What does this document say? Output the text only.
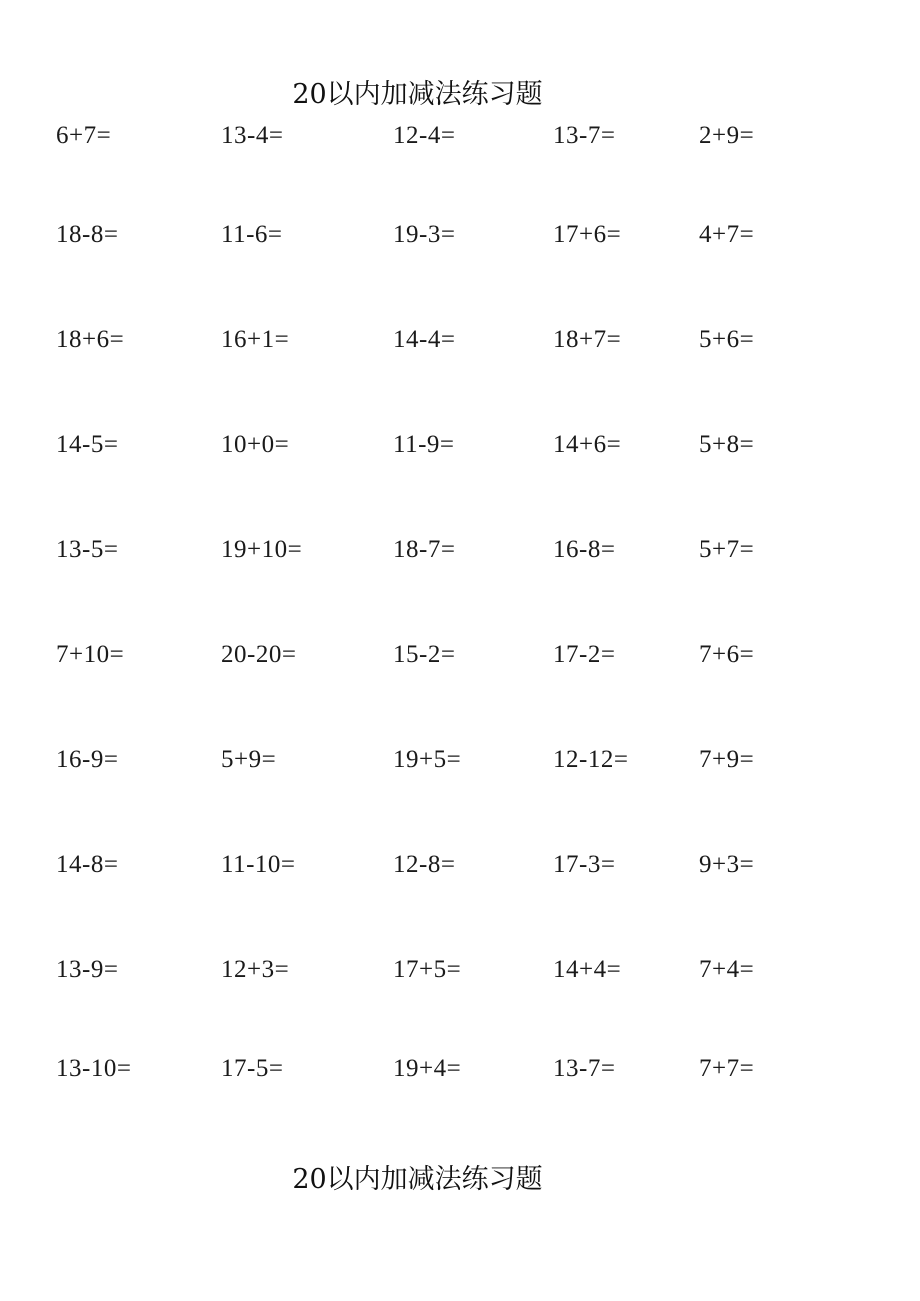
20以内加减法练习题
6+7=	13-4=	12-4=	13-7=	2+9=
18-8=	11-6=	19-3=	17+6=	4+7=
18+6=	16+1=	14-4=	18+7=	5+6=
14-5=	10+0=	11-9=	14+6=	5+8=
13-5=	19+10=	18-7=	16-8=	5+7=
7+10=	20-20=	15-2=	17-2=	7+6=
16-9=	5+9=	19+5=	12-12=	7+9=
14-8=	11-10=	12-8=	17-3=	9+3=
13-9=	12+3=	17+5=	14+4=	7+4=
13-10=	17-5=	19+4=	13-7=	7+7=
20以内加减法练习题
